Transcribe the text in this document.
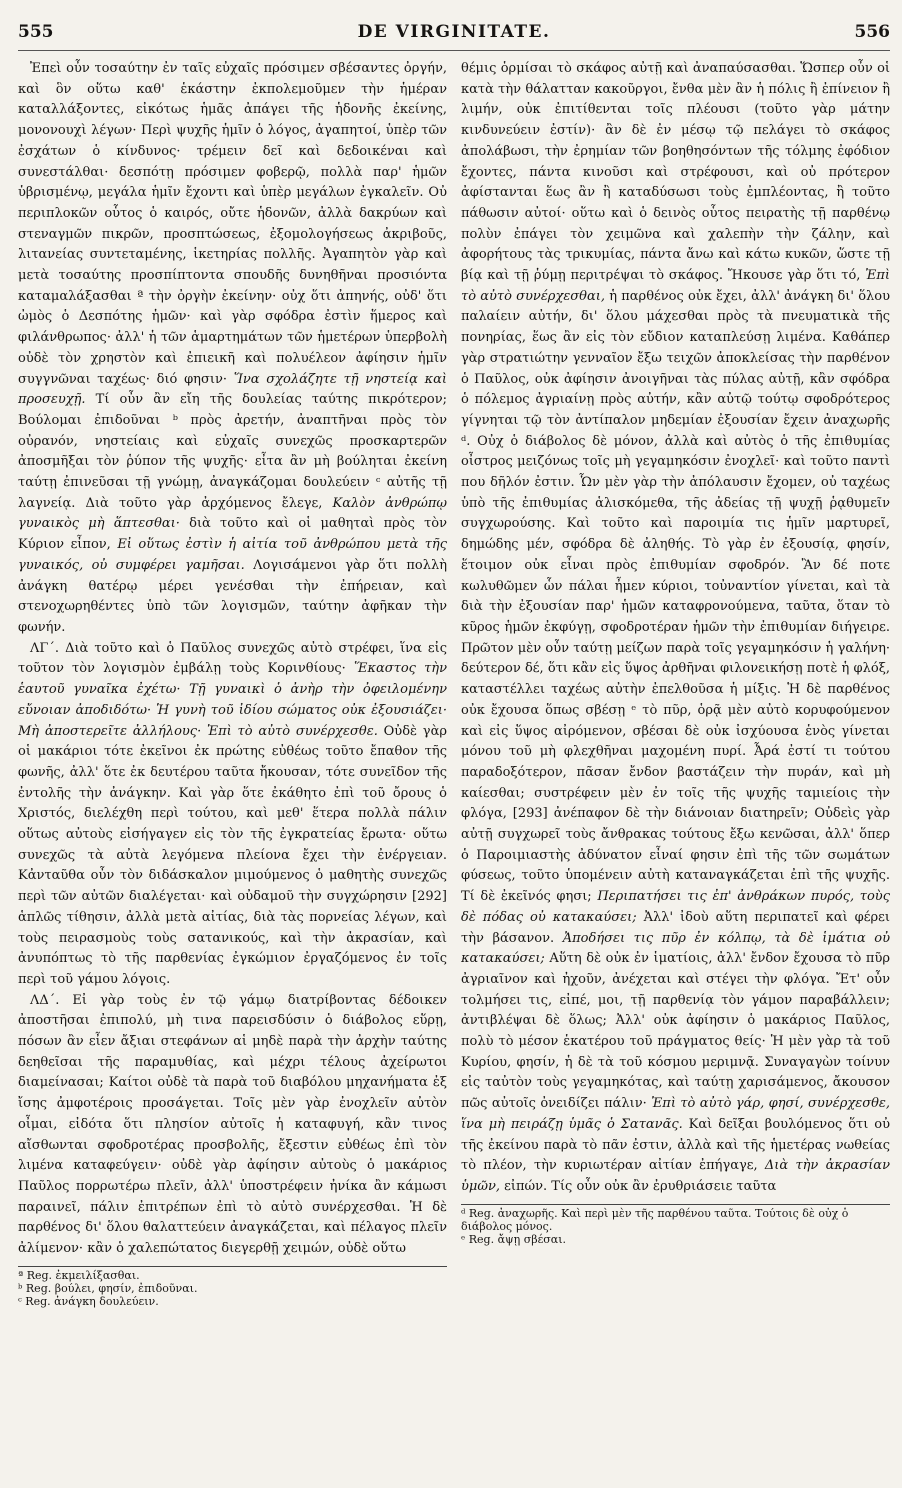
555	DE VIRGINITATE.	556
Ἐπεὶ οὖν τοσαύτην ἐν ταῖς εὐχαῖς πρόσιμεν σβέσαντες ὀργήν, καὶ ὃν οὕτω καθ' ἑκάστην ἐκπολεμοῦμεν τὴν ἡμέραν καταλλάξοντες, εἰκότως ἡμᾶς ἀπάγει τῆς ἡδονῆς ἐκείνης, μονονουχὶ λέγων· Περὶ ψυχῆς ἡμῖν ὁ λόγος, ἀγαπητοί, ὑπὲρ τῶν ἐσχάτων ὁ κίνδυνος· τρέμειν δεῖ καὶ δεδοικέναι καὶ συνεστάλθαι· δεσπότῃ πρόσιμεν φοβερῷ, πολλὰ παρ' ἡμῶν ὑβρισμένῳ, μεγάλα ἡμῖν ἔχοντι καὶ ὑπὲρ μεγάλων ἐγκαλεῖν. Οὐ περιπλοκῶν οὗτος ὁ καιρός, οὔτε ἡδονῶν, ἀλλὰ δακρύων καὶ στεναγμῶν πικρῶν, προσπτώσεως, ἐξομολογήσεως ἀκριβοῦς, λιτανείας συντεταμένης, ἱκετηρίας πολλῆς. Ἀγαπητὸν γὰρ καὶ μετὰ τοσαύτης προσπίπτοντα σπουδῆς δυνηθῆναι προσιόντα καταμαλάξασθαι ª τὴν ὀργὴν ἐκείνην· οὐχ ὅτι ἀπηνής, οὐδ' ὅτι ὠμὸς ὁ Δεσπότης ἡμῶν· καὶ γὰρ σφόδρα ἐστὶν ἥμερος καὶ φιλάνθρωπος· ἀλλ' ἡ τῶν ἁμαρτημάτων τῶν ἡμετέρων ὑπερβολὴ οὐδὲ τὸν χρηστὸν καὶ ἐπιεικῆ καὶ πολυέλεον ἀφίησιν ἡμῖν συγγνῶναι ταχέως· διό φησιν· Ἵνα σχολάζητε τῇ νηστείᾳ καὶ προσευχῇ. Τί οὖν ἂν εἴη τῆς δουλείας ταύτης πικρότερον; Βούλομαι ἐπιδοῦναι ᵇ πρὸς ἀρετήν, ἀναπτῆναι πρὸς τὸν οὐρανόν, νηστείαις καὶ εὐχαῖς συνεχῶς προσκαρτερῶν ἀποσμῆξαι τὸν ῥύπον τῆς ψυχῆς· εἶτα ἂν μὴ βούληται ἐκείνη ταύτῃ ἐπινεῦσαι τῇ γνώμῃ, ἀναγκάζομαι δουλεύειν ᶜ αὐτῆς τῇ λαγνείᾳ. Διὰ τοῦτο γὰρ ἀρχόμενος ἔλεγε, Καλὸν ἀνθρώπῳ γυναικὸς μὴ ἅπτεσθαι· διὰ τοῦτο καὶ οἱ μαθηταὶ πρὸς τὸν Κύριον εἶπον, Εἰ οὕτως ἐστὶν ἡ αἰτία τοῦ ἀνθρώπου μετὰ τῆς γυναικός, οὐ συμφέρει γαμῆσαι. Λογισάμενοι γὰρ ὅτι πολλὴ ἀνάγκη θατέρῳ μέρει γενέσθαι τὴν ἐπήρειαν, καὶ στενοχωρηθέντες ὑπὸ τῶν λογισμῶν, ταύτην ἀφῆκαν τὴν φωνήν.
ΛΓ΄. Διὰ τοῦτο καὶ ὁ Παῦλος συνεχῶς αὐτὸ στρέφει, ἵνα εἰς τοῦτον τὸν λογισμὸν ἐμβάλῃ τοὺς Κορινθίους· Ἕκαστος τὴν ἑαυτοῦ γυναῖκα ἐχέτω· Τῇ γυναικὶ ὁ ἀνὴρ τὴν ὀφειλομένην εὔνοιαν ἀποδιδότω· Ἡ γυνὴ τοῦ ἰδίου σώματος οὐκ ἐξουσιάζει· Μὴ ἀποστερεῖτε ἀλλήλους· Ἐπὶ τὸ αὐτὸ συνέρχεσθε. Οὐδὲ γὰρ οἱ μακάριοι τότε ἐκεῖνοι ἐκ πρώτης εὐθέως τοῦτο ἔπαθον τῆς φωνῆς, ἀλλ' ὅτε ἐκ δευτέρου ταῦτα ἤκουσαν, τότε συνεῖδον τῆς ἐντολῆς τὴν ἀνάγκην. Καὶ γὰρ ὅτε ἐκάθητο ἐπὶ τοῦ ὄρους ὁ Χριστός, διελέχθη περὶ τούτου, καὶ μεθ' ἕτερα πολλὰ πάλιν οὕτως αὐτοὺς εἰσήγαγεν εἰς τὸν τῆς ἐγκρατείας ἔρωτα· οὕτω συνεχῶς τὰ αὐτὰ λεγόμενα πλείονα ἔχει τὴν ἐνέργειαν. Κἀνταῦθα οὖν τὸν διδάσκαλον μιμούμενος ὁ μαθητὴς συνεχῶς περὶ τῶν αὐτῶν διαλέγεται· καὶ οὐδαμοῦ τὴν συγχώρησιν [292] ἁπλῶς τίθησιν, ἀλλὰ μετὰ αἰτίας, διὰ τὰς πορνείας λέγων, καὶ τοὺς πειρασμοὺς τοὺς σατανικούς, καὶ τὴν ἀκρασίαν, καὶ ἀνυπόπτως τὸ τῆς παρθενίας ἐγκώμιον ἐργαζόμενος ἐν τοῖς περὶ τοῦ γάμου λόγοις.
ΛΔ΄. Εἰ γὰρ τοὺς ἐν τῷ γάμῳ διατρίβοντας δέδοικεν ἀποστῆσαι ἐπιπολύ, μὴ τινα παρεισδύσιν ὁ διάβολος εὕρῃ, πόσων ἂν εἶεν ἄξιαι στεφάνων αἱ μηδὲ παρὰ τὴν ἀρχὴν ταύτης δεηθεῖσαι τῆς παραμυθίας, καὶ μέχρι τέλους ἀχείρωτοι διαμείνασαι; Καίτοι οὐδὲ τὰ παρὰ τοῦ διαβόλου μηχανήματα ἐξ ἴσης ἀμφοτέροις προσάγεται. Τοῖς μὲν γὰρ ἐνοχλεῖν αὐτὸν οἶμαι, εἰδότα ὅτι πλησίον αὐτοῖς ἡ καταφυγή, κἂν τινος αἴσθωνται σφοδροτέρας προσβολῆς, ἔξεστιν εὐθέως ἐπὶ τὸν λιμένα καταφεύγειν· οὐδὲ γὰρ ἀφίησιν αὐτοὺς ὁ μακάριος Παῦλος πορρωτέρω πλεῖν, ἀλλ' ὑποστρέφειν ἠνίκα ἂν κάμωσι παραινεῖ, πάλιν ἐπιτρέπων ἐπὶ τὸ αὐτὸ συνέρχεσθαι. Ἡ δὲ παρθένος δι' ὅλου θαλαττεύειν ἀναγκάζεται, καὶ πέλαγος πλεῖν ἀλίμενον· κἂν ὁ χαλεπώτατος διεγερθῇ χειμών, οὐδὲ οὕτω
ª Reg. ἐκμειλίξασθαι.
ᵇ Reg. βούλει, φησίν, ἐπιδοῦναι.
ᶜ Reg. ἀνάγκη δουλεύειν.
θέμις ὁρμίσαι τὸ σκάφος αὐτῇ καὶ ἀναπαύσασθαι. Ὥσπερ οὖν οἱ κατὰ τὴν θάλατταν κακοῦργοι, ἔνθα μὲν ἂν ἡ πόλις ἢ ἐπίνειον ἢ λιμήν, οὐκ ἐπιτίθενται τοῖς πλέουσι (τοῦτο γὰρ μάτην κινδυνεύειν ἐστίν)· ἂν δὲ ἐν μέσῳ τῷ πελάγει τὸ σκάφος ἀπολάβωσι, τὴν ἐρημίαν τῶν βοηθησόντων τῆς τόλμης ἐφόδιον ἔχοντες, πάντα κινοῦσι καὶ στρέφουσι, καὶ οὐ πρότερον ἀφίστανται ἕως ἂν ἢ καταδύσωσι τοὺς ἐμπλέοντας, ἢ τοῦτο πάθωσιν αὐτοί· οὕτω καὶ ὁ δεινὸς οὗτος πειρατὴς τῇ παρθένῳ πολὺν ἐπάγει τὸν χειμῶνα καὶ χαλεπὴν τὴν ζάλην, καὶ ἀφορήτους τὰς τρικυμίας, πάντα ἄνω καὶ κάτω κυκῶν, ὥστε τῇ βίᾳ καὶ τῇ ῥύμῃ περιτρέψαι τὸ σκάφος. Ἤκουσε γὰρ ὅτι τό, Ἐπὶ τὸ αὐτὸ συνέρχεσθαι, ἡ παρθένος οὐκ ἔχει, ἀλλ' ἀνάγκη δι' ὅλου παλαίειν αὐτήν, δι' ὅλου μάχεσθαι πρὸς τὰ πνευματικὰ τῆς πονηρίας, ἕως ἂν εἰς τὸν εὔδιον καταπλεύσῃ λιμένα. Καθάπερ γὰρ στρατιώτην γενναῖον ἔξω τειχῶν ἀποκλείσας τὴν παρθένον ὁ Παῦλος, οὐκ ἀφίησιν ἀνοιγῆναι τὰς πύλας αὐτῇ, κἂν σφόδρα ὁ πόλεμος ἀγριαίνῃ πρὸς αὐτήν, κἂν αὐτῷ τούτῳ σφοδρότερος γίγνηται τῷ τὸν ἀντίπαλον μηδεμίαν ἐξουσίαν ἔχειν ἀναχωρῆς ᵈ. Οὐχ ὁ διάβολος δὲ μόνον, ἀλλὰ καὶ αὐτὸς ὁ τῆς ἐπιθυμίας οἶστρος μειζόνως τοῖς μὴ γεγαμηκόσιν ἐνοχλεῖ· καὶ τοῦτο παντὶ που δῆλόν ἐστιν. Ὧν μὲν γὰρ τὴν ἀπόλαυσιν ἔχομεν, οὐ ταχέως ὑπὸ τῆς ἐπιθυμίας ἁλισκόμεθα, τῆς ἀδείας τῇ ψυχῇ ῥᾳθυμεῖν συγχωρούσης. Καὶ τοῦτο καὶ παροιμία τις ἡμῖν μαρτυρεῖ, δημώδης μέν, σφόδρα δὲ ἀληθής. Τὸ γὰρ ἐν ἐξουσίᾳ, φησίν, ἕτοιμον οὐκ εἶναι πρὸς ἐπιθυμίαν σφοδρόν. Ἂν δέ ποτε κωλυθῶμεν ὧν πάλαι ἦμεν κύριοι, τοὐναντίον γίνεται, καὶ τὰ διὰ τὴν ἐξουσίαν παρ' ἡμῶν καταφρονούμενα, ταῦτα, ὅταν τὸ κῦρος ἡμῶν ἐκφύγῃ, σφοδροτέραν ἡμῶν τὴν ἐπιθυμίαν διήγειρε. Πρῶτον μὲν οὖν ταύτῃ μείζων παρὰ τοῖς γεγαμηκόσιν ἡ γαλήνη· δεύτερον δέ, ὅτι κἂν εἰς ὕψος ἀρθῆναι φιλονεικήσῃ ποτὲ ἡ φλόξ, καταστέλλει ταχέως αὐτὴν ἐπελθοῦσα ἡ μίξις. Ἡ δὲ παρθένος οὐκ ἔχουσα ὅπως σβέσῃ ᵉ τὸ πῦρ, ὁρᾷ μὲν αὐτὸ κορυφούμενον καὶ εἰς ὕψος αἰρόμενον, σβέσαι δὲ οὐκ ἰσχύουσα ἑνὸς γίνεται μόνου τοῦ μὴ φλεχθῆναι μαχομένη πυρί. Ἆρά ἐστί τι τούτου παραδοξότερον, πᾶσαν ἔνδον βαστάζειν τὴν πυράν, καὶ μὴ καίεσθαι; συστρέφειν μὲν ἐν τοῖς τῆς ψυχῆς ταμιείοις τὴν φλόγα, [293] ἀνέπαφον δὲ τὴν διάνοιαν διατηρεῖν; Οὐδεὶς γὰρ αὐτῇ συγχωρεῖ τοὺς ἄνθρακας τούτους ἔξω κενῶσαι, ἀλλ' ὅπερ ὁ Παροιμιαστὴς ἀδύνατον εἶναί φησιν ἐπὶ τῆς τῶν σωμάτων φύσεως, τοῦτο ὑπομένειν αὐτὴ καταναγκάζεται ἐπὶ τῆς ψυχῆς. Τί δὲ ἐκεῖνός φησι; Περιπατήσει τις ἐπ' ἀνθράκων πυρός, τοὺς δὲ πόδας οὐ κατακαύσει; Ἀλλ' ἰδοὺ αὕτη περιπατεῖ καὶ φέρει τὴν βάσανον. Ἀποδήσει τις πῦρ ἐν κόλπῳ, τὰ δὲ ἱμάτια οὐ κατακαύσει; Αὕτη δὲ οὐκ ἐν ἱματίοις, ἀλλ' ἔνδον ἔχουσα τὸ πῦρ ἀγριαῖνον καὶ ἠχοῦν, ἀνέχεται καὶ στέγει τὴν φλόγα. Ἔτ' οὖν τολμήσει τις, εἰπέ, μοι, τῇ παρθενίᾳ τὸν γάμον παραβάλλειν; ἀντιβλέψαι δὲ ὅλως; Ἀλλ' οὐκ ἀφίησιν ὁ μακάριος Παῦλος, πολὺ τὸ μέσον ἑκατέρου τοῦ πράγματος θείς· Ἡ μὲν γὰρ τὰ τοῦ Κυρίου, φησίν, ἡ δὲ τὰ τοῦ κόσμου μεριμνᾷ. Συναγαγὼν τοίνυν εἰς ταὐτὸν τοὺς γεγαμηκότας, καὶ ταύτῃ χαρισάμενος, ἄκουσον πῶς αὐτοῖς ὀνειδίζει πάλιν· Ἐπὶ τὸ αὐτὸ γάρ, φησί, συνέρχεσθε, ἵνα μὴ πειράζῃ ὑμᾶς ὁ Σατανᾶς. Καὶ δεῖξαι βουλόμενος ὅτι οὐ τῆς ἐκείνου παρὰ τὸ πᾶν ἐστιν, ἀλλὰ καὶ τῆς ἡμετέρας νωθείας τὸ πλέον, τὴν κυριωτέραν αἰτίαν ἐπήγαγε, Διὰ τὴν ἀκρασίαν ὑμῶν, εἰπών. Τίς οὖν οὐκ ἂν ἐρυθριάσειε ταῦτα
ᵈ Reg. ἀναχωρῆς. Καὶ περὶ μὲν τῆς παρθένου ταῦτα. Τούτοις δὲ οὐχ ὁ διάβολος μόνος.
ᵉ Reg. ἄψῃ σβέσαι.
